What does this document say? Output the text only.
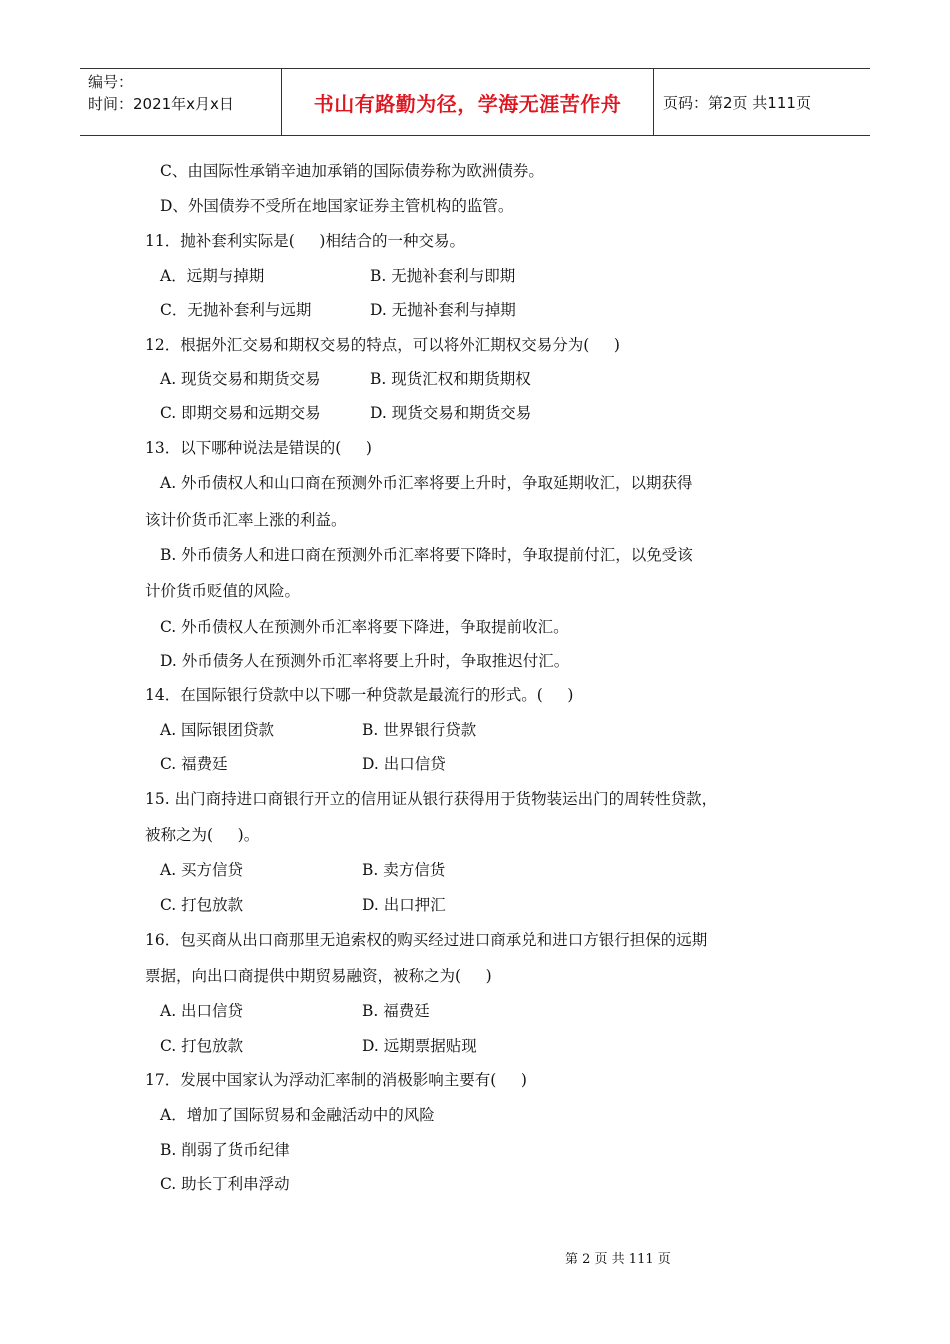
编号：
时间：2021年x月x日	书山有路勤为径，学海无涯苦作舟	页码：第2页 共111页
C、由国际性承销辛迪加承销的国际债券称为欧洲债券。
D、外国债券不受所在地国家证券主管机构的监管。
11．抛补套利实际是(     )相结合的一种交易。
A．远期与掉期	B. 无抛补套利与即期
C．无抛补套利与远期	D. 无抛补套利与掉期
12．根据外汇交易和期权交易的特点，可以将外汇期权交易分为(     )
A. 现货交易和期货交易	B. 现货汇权和期货期权
C. 即期交易和远期交易	D. 现货交易和期货交易
13．以下哪种说法是错误的(     )
A. 外币债权人和山口商在预测外币汇率将要上升时，争取延期收汇，以期获得
该计价货币汇率上涨的利益。
B. 外币债务人和进口商在预测外币汇率将要下降时，争取提前付汇，以免受该
计价货币贬值的风险。
C. 外币债权人在预测外币汇率将要下降进，争取提前收汇。
D. 外币债务人在预测外币汇率将要上升时，争取推迟付汇。
14．在国际银行贷款中以下哪一种贷款是最流行的形式。(     )
A. 国际银团贷款	B. 世界银行贷款
C. 福费廷	D. 出口信贷
15. 出门商持进口商银行开立的信用证从银行获得用于货物装运出门的周转性贷款，
被称之为(     )。
A. 买方信贷	B. 卖方信货
C. 打包放款	D. 出口押汇
16．包买商从出口商那里无追索权的购买经过进口商承兑和进口方银行担保的远期
票据，向出口商提供中期贸易融资，被称之为(     )
A. 出口信贷	B. 福费廷
C. 打包放款	D. 远期票据贴现
17．发展中国家认为浮动汇率制的消极影响主要有(     )
A．增加了国际贸易和金融活动中的风险
B. 削弱了货币纪律
C. 助长丁利串浮动
第 2 页 共 111 页
